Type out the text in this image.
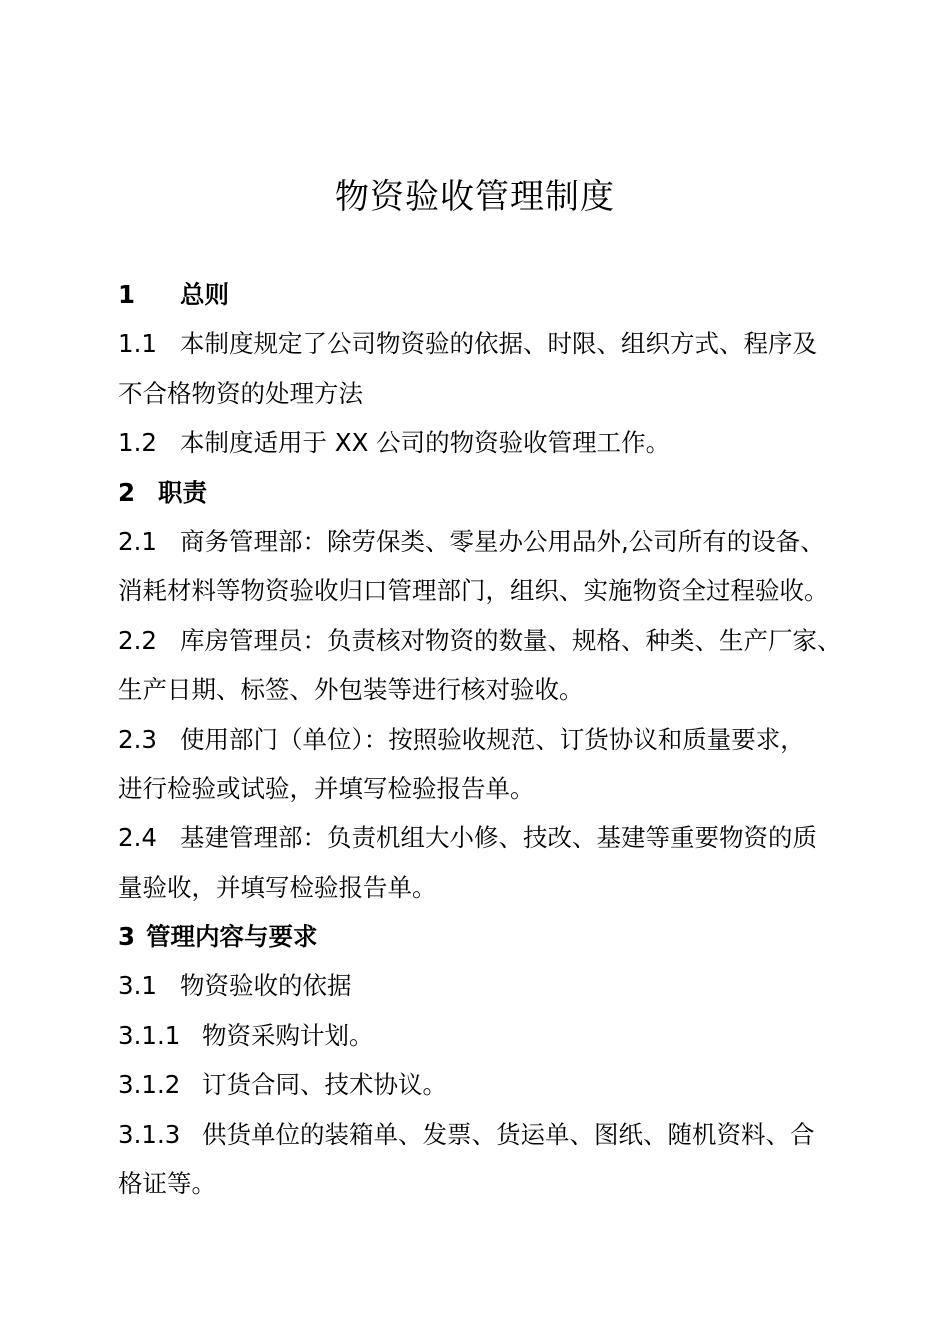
物资验收管理制度
1 总则
1.1 本制度规定了公司物资验的依据、时限、组织方式、程序及
不合格物资的处理方法
1.2 本制度适用于 XX 公司的物资验收管理工作。
2 职责
2.1 商务管理部：除劳保类、零星办公用品外,公司所有的设备、
消耗材料等物资验收归口管理部门，组织、实施物资全过程验收。
2.2 库房管理员：负责核对物资的数量、规格、种类、生产厂家、
生产日期、标签、外包装等进行核对验收。
2.3 使用部门（单位）：按照验收规范、订货协议和质量要求，
进行检验或试验，并填写检验报告单。
2.4 基建管理部：负责机组大小修、技改、基建等重要物资的质
量验收，并填写检验报告单。
3 管理内容与要求
3.1 物资验收的依据
3.1.1 物资采购计划。
3.1.2 订货合同、技术协议。
3.1.3 供货单位的装箱单、发票、货运单、图纸、随机资料、合
格证等。
